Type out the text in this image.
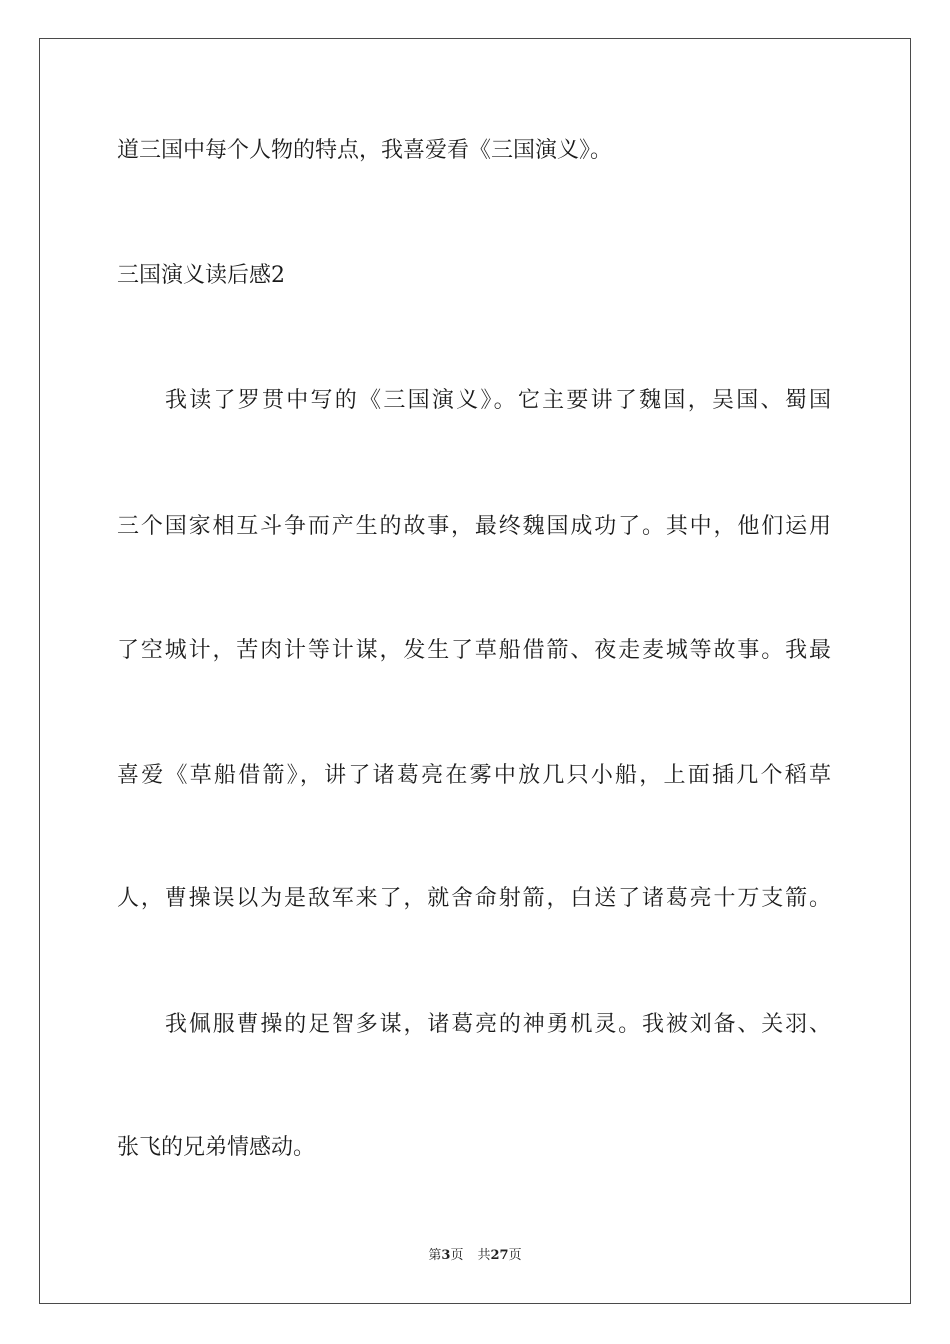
道三国中每个人物的特点，我喜爱看《三国演义》。
三国演义读后感2
我读了罗贯中写的《三国演义》。它主要讲了魏国，吴国、蜀国
三个国家相互斗争而产生的故事，最终魏国成功了。其中，他们运用
了空城计，苦肉计等计谋，发生了草船借箭、夜走麦城等故事。我最
喜爱《草船借箭》，讲了诸葛亮在雾中放几只小船，上面插几个稻草
人，曹操误以为是敌军来了，就舍命射箭，白送了诸葛亮十万支箭。
我佩服曹操的足智多谋，诸葛亮的神勇机灵。我被刘备、关羽、
张飞的兄弟情感动。
第3页 共27页
